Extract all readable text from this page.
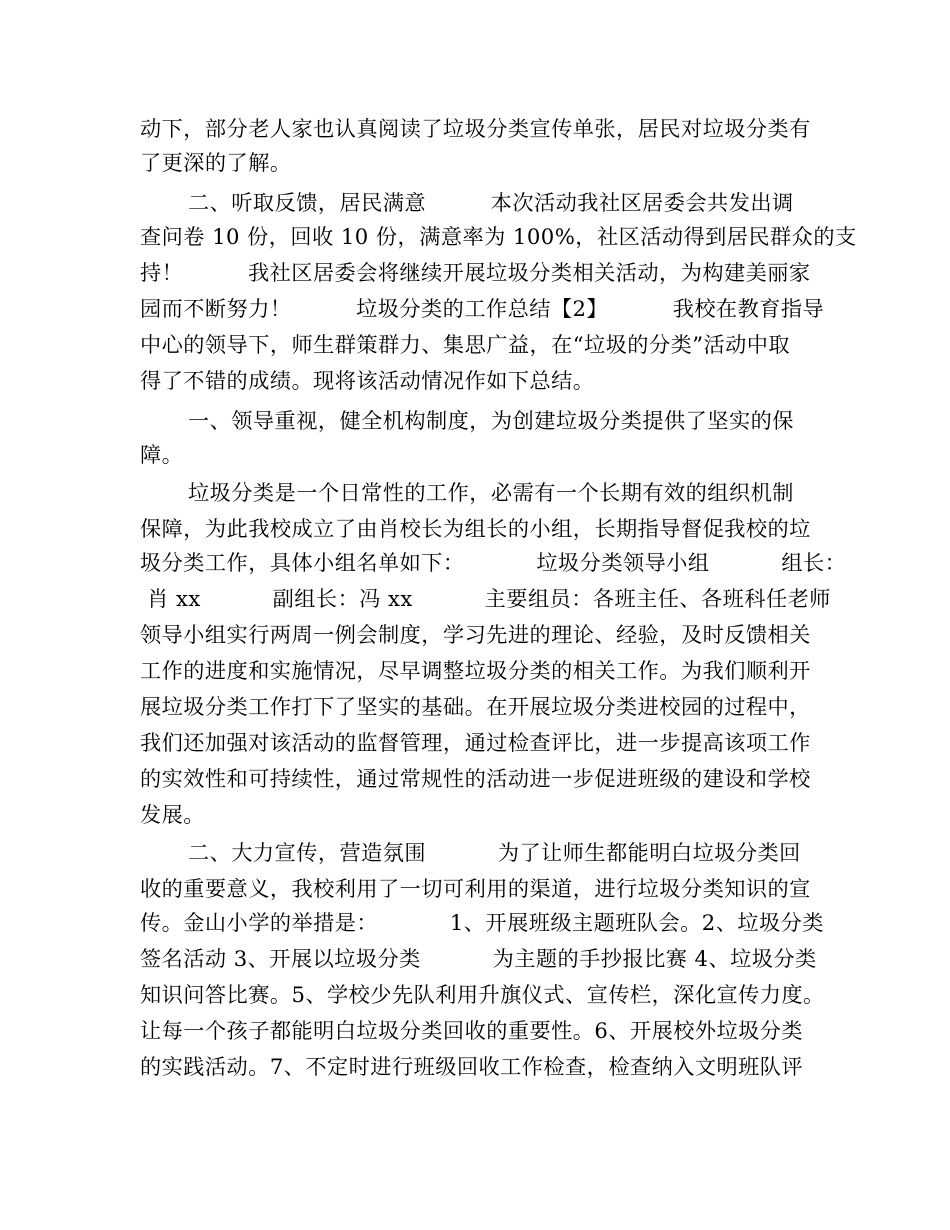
动下，部分老人家也认真阅读了垃圾分类宣传单张，居民对垃圾分类有

了更深的了解。

二、听取反馈，居民满意         本次活动我社区居委会共发出调

查问卷 10 份，回收 10 份，满意率为 100%，社区活动得到居民群众的支

持！         我社区居委会将继续开展垃圾分类相关活动，为构建美丽家

园而不断努力！         垃圾分类的工作总结【2】         我校在教育指导

中心的领导下，师生群策群力、集思广益，在“垃圾的分类”活动中取

得了不错的成绩。现将该活动情况作如下总结。

一、领导重视，健全机构制度，为创建垃圾分类提供了坚实的保

障。

垃圾分类是一个日常性的工作，必需有一个长期有效的组织机制

保障，为此我校成立了由肖校长为组长的小组，长期指导督促我校的垃

圾分类工作，具体小组名单如下：          垃圾分类领导小组          组长：

肖 xx          副组长：冯 xx          主要组员：各班主任、各班科任老师

领导小组实行两周一例会制度，学习先进的理论、经验，及时反馈相关

工作的进度和实施情况，尽早调整垃圾分类的相关工作。为我们顺利开

展垃圾分类工作打下了坚实的基础。在开展垃圾分类进校园的过程中，

我们还加强对该活动的监督管理，通过检查评比，进一步提高该项工作

的实效性和可持续性，通过常规性的活动进一步促进班级的建设和学校

发展。

二、大力宣传，营造氛围          为了让师生都能明白垃圾分类回

收的重要意义，我校利用了一切可利用的渠道，进行垃圾分类知识的宣

传。金山小学的举措是：          1、开展班级主题班队会。2、垃圾分类

签名活动 3、开展以垃圾分类          为主题的手抄报比赛 4、垃圾分类

知识问答比赛。5、学校少先队利用升旗仪式、宣传栏，深化宣传力度。

让每一个孩子都能明白垃圾分类回收的重要性。6、开展校外垃圾分类

的实践活动。7、不定时进行班级回收工作检查，检查纳入文明班队评
